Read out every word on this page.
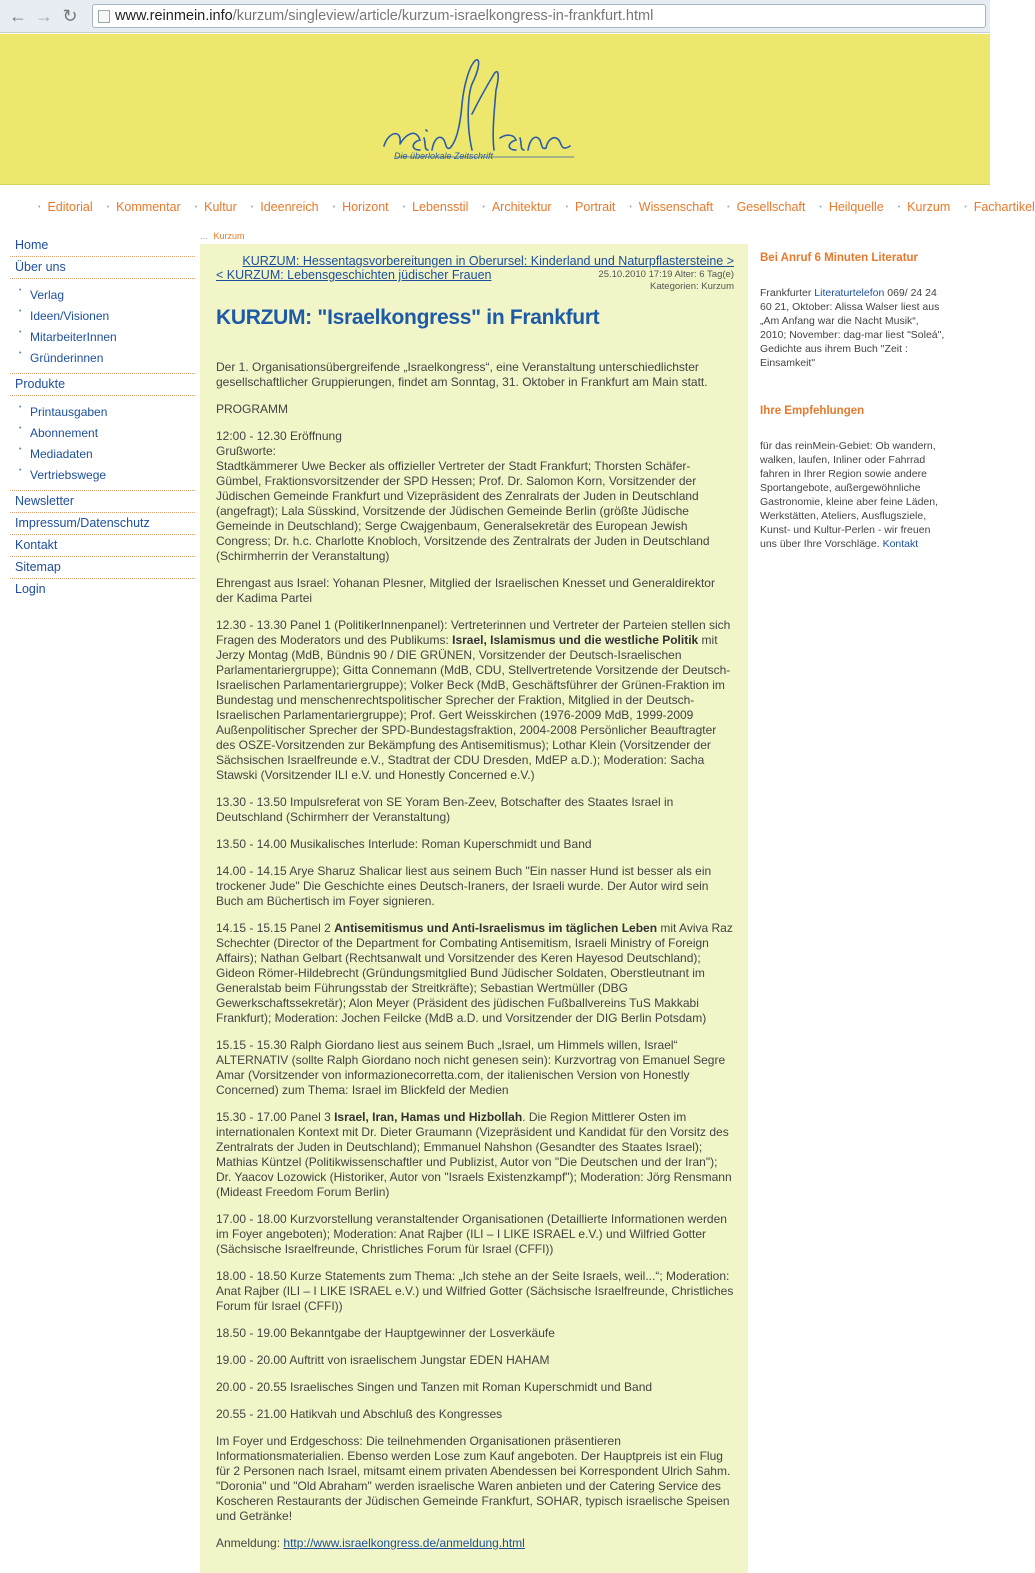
← → ↻	www.reinmein.info/kurzum/singleview/article/kurzum-israelkongress-in-frankfurt.html
Die überlokale Zeitschrift
• Editorial • Kommentar • Kultur • Ideenreich • Horizont • Lebensstil • Architektur • Portrait • Wissenschaft • Gesellschaft • Heilquelle • Kurzum • Fachartikel
Home
Über uns
• Verlag
• Ideen/Visionen
• MitarbeiterInnen
• Gründerinnen
Produkte
• Printausgaben
• Abonnement
• Mediadaten
• Vertriebswege
Newsletter
Impressum/Datenschutz
Kontakt
Sitemap
Login
... Kurzum
KURZUM: Hessentagsvorbereitungen in Oberursel: Kinderland und Naturpflastersteine >
< KURZUM: Lebensgeschichten jüdischer Frauen	25.10.2010 17:19 Alter: 6 Tag(e)
Kategorien: Kurzum
KURZUM: "Israelkongress" in Frankfurt

Der 1. Organisationsübergreifende „Israelkongress“, eine Veranstaltung unterschiedlichster gesellschaftlicher Gruppierungen, findet am Sonntag, 31. Oktober in Frankfurt am Main statt.

PROGRAMM

12:00 - 12.30 Eröffnung
Grußworte:
Stadtkämmerer Uwe Becker als offizieller Vertreter der Stadt Frankfurt; Thorsten Schäfer-Gümbel, Fraktionsvorsitzender der SPD Hessen; Prof. Dr. Salomon Korn, Vorsitzender der Jüdischen Gemeinde Frankfurt und Vizepräsident des Zenralrats der Juden in Deutschland (angefragt); Lala Süsskind, Vorsitzende der Jüdischen Gemeinde Berlin (größte Jüdische Gemeinde in Deutschland); Serge Cwajgenbaum, Generalsekretär des European Jewish Congress; Dr. h.c. Charlotte Knobloch, Vorsitzende des Zentralrats der Juden in Deutschland (Schirmherrin der Veranstaltung)

Ehrengast aus Israel: Yohanan Plesner, Mitglied der Israelischen Knesset und Generaldirektor der Kadima Partei

12.30 - 13.30 Panel 1 (PolitikerInnenpanel): Vertreterinnen und Vertreter der Parteien stellen sich Fragen des Moderators und des Publikums: Israel, Islamismus und die westliche Politik mit Jerzy Montag (MdB, Bündnis 90 / DIE GRÜNEN, Vorsitzender der Deutsch-Israelischen Parlamentariergruppe); Gitta Connemann (MdB, CDU, Stellvertretende Vorsitzende der Deutsch-Israelischen Parlamentariergruppe); Volker Beck (MdB, Geschäftsführer der Grünen-Fraktion im Bundestag und menschenrechtspolitischer Sprecher der Fraktion, Mitglied in der Deutsch-Israelischen Parlamentariergruppe); Prof. Gert Weisskirchen (1976-2009 MdB, 1999-2009 Außenpolitischer Sprecher der SPD-Bundestagsfraktion, 2004-2008 Persönlicher Beauftragter des OSZE-Vorsitzenden zur Bekämpfung des Antisemitismus); Lothar Klein (Vorsitzender der Sächsischen Israelfreunde e.V., Stadtrat der CDU Dresden, MdEP a.D.); Moderation: Sacha Stawski (Vorsitzender ILI e.V. und Honestly Concerned e.V.)

13.30 - 13.50 Impulsreferat von SE Yoram Ben-Zeev, Botschafter des Staates Israel in Deutschland (Schirmherr der Veranstaltung)

13.50 - 14.00 Musikalisches Interlude: Roman Kuperschmidt und Band

14.00 - 14.15 Arye Sharuz Shalicar liest aus seinem Buch "Ein nasser Hund ist besser als ein trockener Jude" Die Geschichte eines Deutsch-Iraners, der Israeli wurde. Der Autor wird sein Buch am Büchertisch im Foyer signieren.

14.15 - 15.15 Panel 2 Antisemitismus und Anti-Israelismus im täglichen Leben mit Aviva Raz Schechter (Director of the Department for Combating Antisemitism, Israeli Ministry of Foreign Affairs); Nathan Gelbart (Rechtsanwalt und Vorsitzender des Keren Hayesod Deutschland); Gideon Römer-Hildebrecht (Gründungsmitglied Bund Jüdischer Soldaten, Oberstleutnant im Generalstab beim Führungsstab der Streitkräfte); Sebastian Wertmüller (DBG Gewerkschaftssekretär); Alon Meyer (Präsident des jüdischen Fußballvereins TuS Makkabi Frankfurt); Moderation: Jochen Feilcke (MdB a.D. und Vorsitzender der DIG Berlin Potsdam)

15.15 - 15.30 Ralph Giordano liest aus seinem Buch „Israel, um Himmels willen, Israel“ ALTERNATIV (sollte Ralph Giordano noch nicht genesen sein): Kurzvortrag von Emanuel Segre Amar (Vorsitzender von informazionecorretta.com, der italienischen Version von Honestly Concerned) zum Thema: Israel im Blickfeld der Medien

15.30 - 17.00 Panel 3 Israel, Iran, Hamas und Hizbollah. Die Region Mittlerer Osten im internationalen Kontext mit Dr. Dieter Graumann (Vizepräsident und Kandidat für den Vorsitz des Zentralrats der Juden in Deutschland); Emmanuel Nahshon (Gesandter des Staates Israel); Mathias Küntzel (Politikwissenschaftler und Publizist, Autor von "Die Deutschen und der Iran"); Dr. Yaacov Lozowick (Historiker, Autor von "Israels Existenzkampf"); Moderation: Jörg Rensmann (Mideast Freedom Forum Berlin)

17.00 - 18.00 Kurzvorstellung veranstaltender Organisationen (Detaillierte Informationen werden im Foyer angeboten); Moderation: Anat Rajber (ILI – I LIKE ISRAEL e.V.) und Wilfried Gotter (Sächsische Israelfreunde, Christliches Forum für Israel (CFFI))

18.00 - 18.50 Kurze Statements zum Thema: „Ich stehe an der Seite Israels, weil...“; Moderation: Anat Rajber (ILI – I LIKE ISRAEL e.V.) und Wilfried Gotter (Sächsische Israelfreunde, Christliches Forum für Israel (CFFI))

18.50 - 19.00 Bekanntgabe der Hauptgewinner der Losverkäufe

19.00 - 20.00 Auftritt von israelischem Jungstar EDEN HAHAM

20.00 - 20.55 Israelisches Singen und Tanzen mit Roman Kuperschmidt und Band

20.55 - 21.00 Hatikvah und Abschluß des Kongresses

Im Foyer und Erdgeschoss: Die teilnehmenden Organisationen präsentieren Informationsmaterialien. Ebenso werden Lose zum Kauf angeboten. Der Hauptpreis ist ein Flug für 2 Personen nach Israel, mitsamt einem privaten Abendessen bei Korrespondent Ulrich Sahm. "Doronia" und "Old Abraham" werden israelische Waren anbieten und der Catering Service des Koscheren Restaurants der Jüdischen Gemeinde Frankfurt, SOHAR, typisch israelische Speisen und Getränke!

Anmeldung: http://www.israelkongress.de/anmeldung.html

Bei Anruf 6 Minuten Literatur

Frankfurter Literaturtelefon 069/ 24 24 60 21, Oktober: Alissa Walser liest aus „Am Anfang war die Nacht Musik“, 2010; November: dag-mar liest "Soleá", Gedichte aus ihrem Buch "Zeit : Einsamkeit"

Ihre Empfehlungen

für das reinMein-Gebiet: Ob wandern, walken, laufen, Inliner oder Fahrrad fahren in Ihrer Region sowie andere Sportangebote, außergewöhnliche Gastronomie, kleine aber feine Läden, Werkstätten, Ateliers, Ausflugsziele, Kunst- und Kultur-Perlen - wir freuen uns über Ihre Vorschläge. Kontakt
